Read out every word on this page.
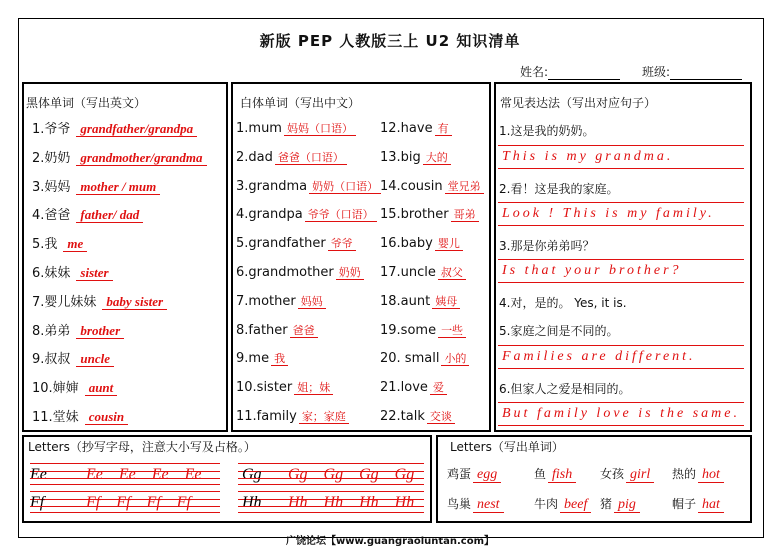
新版 PEP 人教版三上 U2 知识清单
姓名:	班级:
黑体单词（写出英文）
1.爷爷 grandfather/grandpa
2.奶奶 grandmother/grandma
3.妈妈 mother / mum
4.爸爸 father/ dad
5.我 me
6.妹妹 sister
7.婴儿妹妹 baby sister
8.弟弟 brother
9.叔叔 uncle
10.婶婶 aunt
11.堂妹 cousin
白体单词（写出中文）
1.mum 妈妈（口语）
2.dad 爸爸（口语）
3.grandma 奶奶（口语）
4.grandpa 爷爷（口语）
5.grandfather 爷爷
6.grandmother 奶奶
7.mother 妈妈
8.father 爸爸
9.me 我
10.sister 姐；妹
11.family 家；家庭
12.have 有
13.big 大的
14.cousin 堂兄弟
15.brother 哥弟
16.baby 婴儿
17.uncle 叔父
18.aunt 姨母
19.some 一些
20. small 小的
21.love 爱
22.talk 交谈
常见表达法（写出对应句子）
1.这是我的奶奶。
This is my grandma.
2.看！这是我的家庭。
Look ! This is my family.
3.那是你弟弟吗？
Is that your brother?
4.对，是的。 Yes, it is.
5.家庭之间是不同的。
Families are different.
6.但家人之爱是相同的。
But family love is the same.
Letters（抄写字母，注意大小写及占格。）
Ee Ee Ee Ee Ee	Gg Gg Gg Gg Gg
Ff	Ff Ff Ff Ff	Hh Hh Hh Hh Hh
Letters（写出单词）
鸡蛋 egg	鱼 fish	女孩 girl	热的 hot
鸟巢 nest	牛肉 beef	猪 pig	帽子 hat
广饶论坛【www.guangraoluntan.com】
